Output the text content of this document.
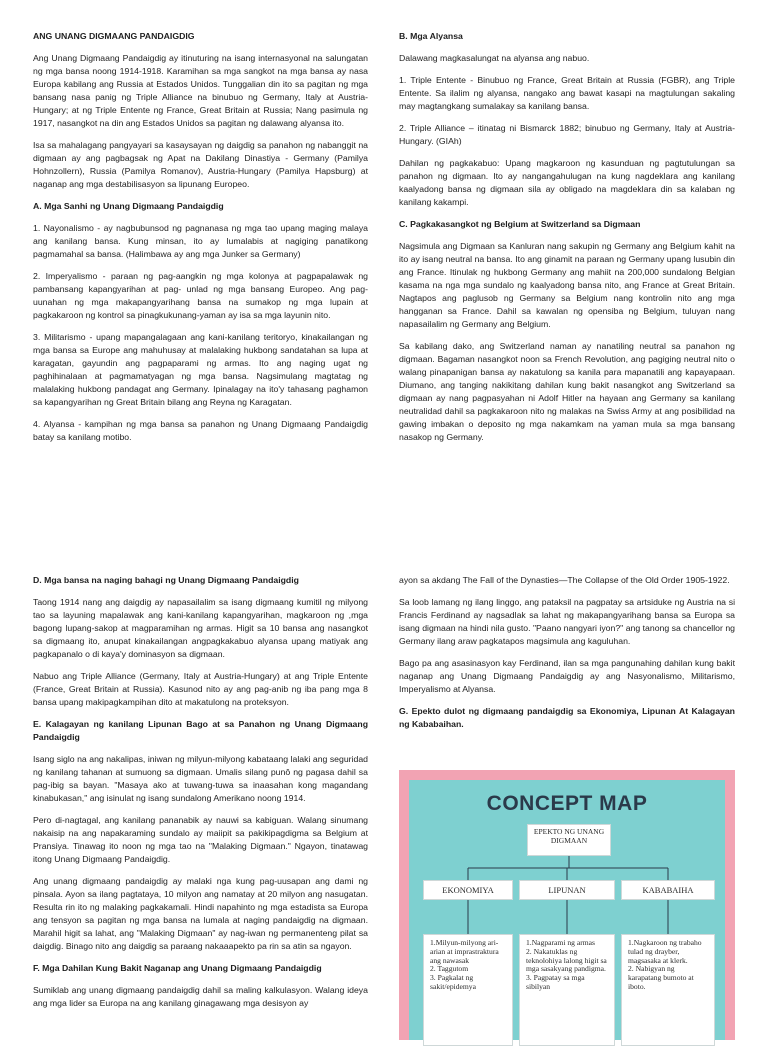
ANG UNANG DIGMAANG PANDAIGDIG

Ang Unang Digmaang Pandaigdig ay itinuturing na isang internasyonal na salungatan ng mga bansa noong 1914-1918. Karamihan sa mga sangkot na mga bansa ay nasa Europa kabilang ang Russia at Estados Unidos. Tunggalian din ito sa pagitan ng mga bansang nasa panig ng Triple Alliance na binubuo ng Germany, Italy at Austria-Hungary; at ng Triple Entente ng France, Great Britain at Russia; Nang pasimula ng 1917, nasangkot na din ang Estados Unidos sa pagitan ng dalawang alyansa ito.

Isa sa mahalagang pangyayari sa kasaysayan ng daigdig sa panahon ng nabanggit na digmaan ay ang pagbagsak ng Apat na Dakilang Dinastiya - Germany (Pamilya Hohnzollern), Russia (Pamilya Romanov), Austria-Hungary (Pamilya Hapsburg) at naganap ang mga destabilisasyon sa lipunang Europeo.

A. Mga Sanhi ng Unang Digmaang Pandaigdig

1. Nayonalismo - ay nagbubunsod ng pagnanasa ng mga tao upang maging malaya ang kanilang bansa. Kung minsan, ito ay lumalabis at nagiging panatikong pagmamahal sa bansa. (Halimbawa ay ang mga Junker sa Germany)

2. Imperyalismo - paraan ng pag-aangkin ng mga kolonya at pagpapalawak ng pambansang kapangyarihan at pag- unlad ng mga bansang Europeo. Ang pag-uunahan ng mga makapangyarihang bansa na sumakop ng mga lupain at pagkakaroon ng kontrol sa pinagkukunang-yaman ay isa sa mga layunin nito.

3. Militarismo - upang mapangalagaan ang kani-kanilang teritoryo, kinakailangan ng mga bansa sa Europe ang mahuhusay at malalaking hukbong sandatahan sa lupa at karagatan, gayundin ang pagpaparami ng armas. Ito ang naging ugat ng paghihinalaan at pagmamatyagan ng mga bansa. Nagsimulang magtatag ng malalaking hukbong pandagat ang Germany. Ipinalagay na ito'y tahasang paghamon sa kapangyarihan ng Great Britain bilang ang Reyna ng Karagatan.

4. Alyansa - kampihan ng mga bansa sa panahon ng Unang Digmaang Pandaigdig batay sa kanilang motibo.

B. Mga Alyansa

Dalawang magkasalungat na alyansa ang nabuo.

1. Triple Entente - Binubuo ng France, Great Britain at Russia (FGBR), ang Triple Entente. Sa ilalim ng alyansa, nangako ang bawat kasapi na magtulungan sakaling may magtangkang sumalakay sa kanilang bansa.

2. Triple Alliance – itinatag ni Bismarck 1882; binubuo ng Germany, Italy at Austria- Hungary. (GIAh)

Dahilan ng pagkakabuo: Upang magkaroon ng kasunduan ng pagtutulungan sa panahon ng digmaan. Ito ay nangangahulugan na kung nagdeklara ang kanilang kaalyadong bansa ng digmaan sila ay obligado na magdeklara din sa kalaban ng kanilang kakampi.

C. Pagkakasangkot ng Belgium at Switzerland sa Digmaan

Nagsimula ang Digmaan sa Kanluran nang sakupin ng Germany ang Belgium kahit na ito ay isang neutral na bansa. Ito ang ginamit na paraan ng Germany upang lusubin din ang France. Itinulak ng hukbong Germany ang mahiit na 200,000 sundalong Belgian kasama na nga mga sundalo ng kaalyadong bansa nito, ang France at Great Britain. Nagtapos ang paglusob ng Germany sa Belgium nang kontrolin nito ang mga hangganan sa France. Dahil sa kawalan ng opensiba ng Belgium, tuluyan nang napasailalim ng Germany ang Belgium.

Sa kabilang dako, ang Switzerland naman ay nanatiling neutral sa panahon ng digmaan. Bagaman nasangkot noon sa French Revolution, ang pagiging neutral nito o walang pinapanigan bansa ay nakatulong sa kanila para mapanatili ang kapayapaan. Diumano, ang tanging nakikitang dahilan kung bakit nasangkot ang Switzerland sa digmaan ay nang pagpasyahan ni Adolf Hitler na hayaan ang Germany sa kanilang neutralidad dahil sa pagkakaroon nito ng malakas na Swiss Army at ang posibilidad na gawing imbakan o deposito ng mga nakamkam na yaman mula sa mga bansang nasakop ng Germany.

D. Mga bansa na naging bahagi ng Unang Digmaang Pandaigdig

Taong 1914 nang ang daigdig ay napasailalim sa isang digmaang kumitil ng milyong tao sa layuning mapalawak ang kani-kanilang kapangyarihan, magkaroon ng ,mga bagong lupang-sakop at magparamihan ng armas. Higit sa 10 bansa ang nasangkot sa digmaang ito, anupat kinakailangan angpagkakabuo alyansa upang matiyak ang pagkapanalo o di kaya'y dominasyon sa digmaan.

Nabuo ang Triple Alliance (Germany, Italy at Austria-Hungary) at ang Triple Entente (France, Great Britain at Russia). Kasunod nito ay ang pag-anib ng iba pang mga 8 bansa upang makipagkampihan dito at makatulong na proteksyon.

E. Kalagayan ng kanilang Lipunan Bago at sa Panahon ng Unang Digmaang Pandaigdig

Isang siglo na ang nakalipas, iniwan ng milyun-milyong kabataang lalaki ang seguridad ng kanilang tahanan at sumuong sa digmaan. Umalis silang punô ng pagasa dahil sa pag-ibig sa bayan. "Masaya ako at tuwang-tuwa sa inaasahan kong magandang kinabukasan," ang isinulat ng isang sundalong Amerikano noong 1914.

Pero di-nagtagal, ang kanilang pananabik ay nauwi sa kabiguan. Walang sinumang nakaisip na ang napakaraming sundalo ay maiipit sa pakikipagdigma sa Belgium at Pransiya. Tinawag ito noon ng mga tao na "Malaking Digmaan." Ngayon, tinatawag itong Unang Digmaang Pandaigdig.

Ang unang digmaang pandaigdig ay malaki nga kung pag-uusapan ang dami ng pinsala. Ayon sa ilang pagtataya, 10 milyon ang namatay at 20 milyon ang nasugatan. Resulta rin ito ng malaking pagkakamali. Hindi napahinto ng mga estadista sa Europa ang tensyon sa pagitan ng mga bansa na lumala at naging pandaigdig na digmaan. Marahil higit sa lahat, ang "Malaking Digmaan" ay nag-iwan ng permanenteng pilat sa daigdig. Binago nito ang daigdig sa paraang nakaaapekto pa rin sa atin sa ngayon.

F. Mga Dahilan Kung Bakit Naganap ang Unang Digmaang Pandaigdig

Sumiklab ang unang digmaang pandaigdig dahil sa maling kalkulasyon. Walang ideya ang mga lider sa Europa na ang kanilang ginagawang mga desisyon ay

ayon sa akdang The Fall of the Dynasties—The Collapse of the Old Order 1905-1922.

Sa loob lamang ng ilang linggo, ang pataksil na pagpatay sa artsiduke ng Austria na si Francis Ferdinand ay nagsadlak sa lahat ng makapangyarihang bansa sa Europa sa isang digmaan na hindi nila gusto. "Paano nangyari iyon?" ang tanong sa chancellor ng Germany ilang araw pagkatapos magsimula ang kaguluhan.

Bago pa ang asasinasyon kay Ferdinand, ilan sa mga pangunahing dahilan kung bakit naganap ang Unang Digmaang Pandaigdig ay ang Nasyonalismo, Militarismo, Imperyalismo at Alyansa.

G. Epekto dulot ng digmaang pandaigdig sa Ekonomiya, Lipunan At Kalagayan ng Kababaihan.

CONCEPT MAP
EPEKTO NG UNANG DIGMAAN
EKONOMIYA	LIPUNAN	KABABAIHA
1.Milyun-milyong ari-arian at imprastraktura ang nawasak
2. Taggutom
3. Pagkalat ng sakit/epidemya
1.Nagparami ng armas
2. Nakatuklas ng teknolohiya lalong higit sa mga sasakyang pandigma.
3. Pagpatay sa mga sibilyan
1.Nagkaroon ng trabaho tulad ng drayber, magsasaka at klerk.
2. Nabigyan ng karapatang bumoto at iboto.
